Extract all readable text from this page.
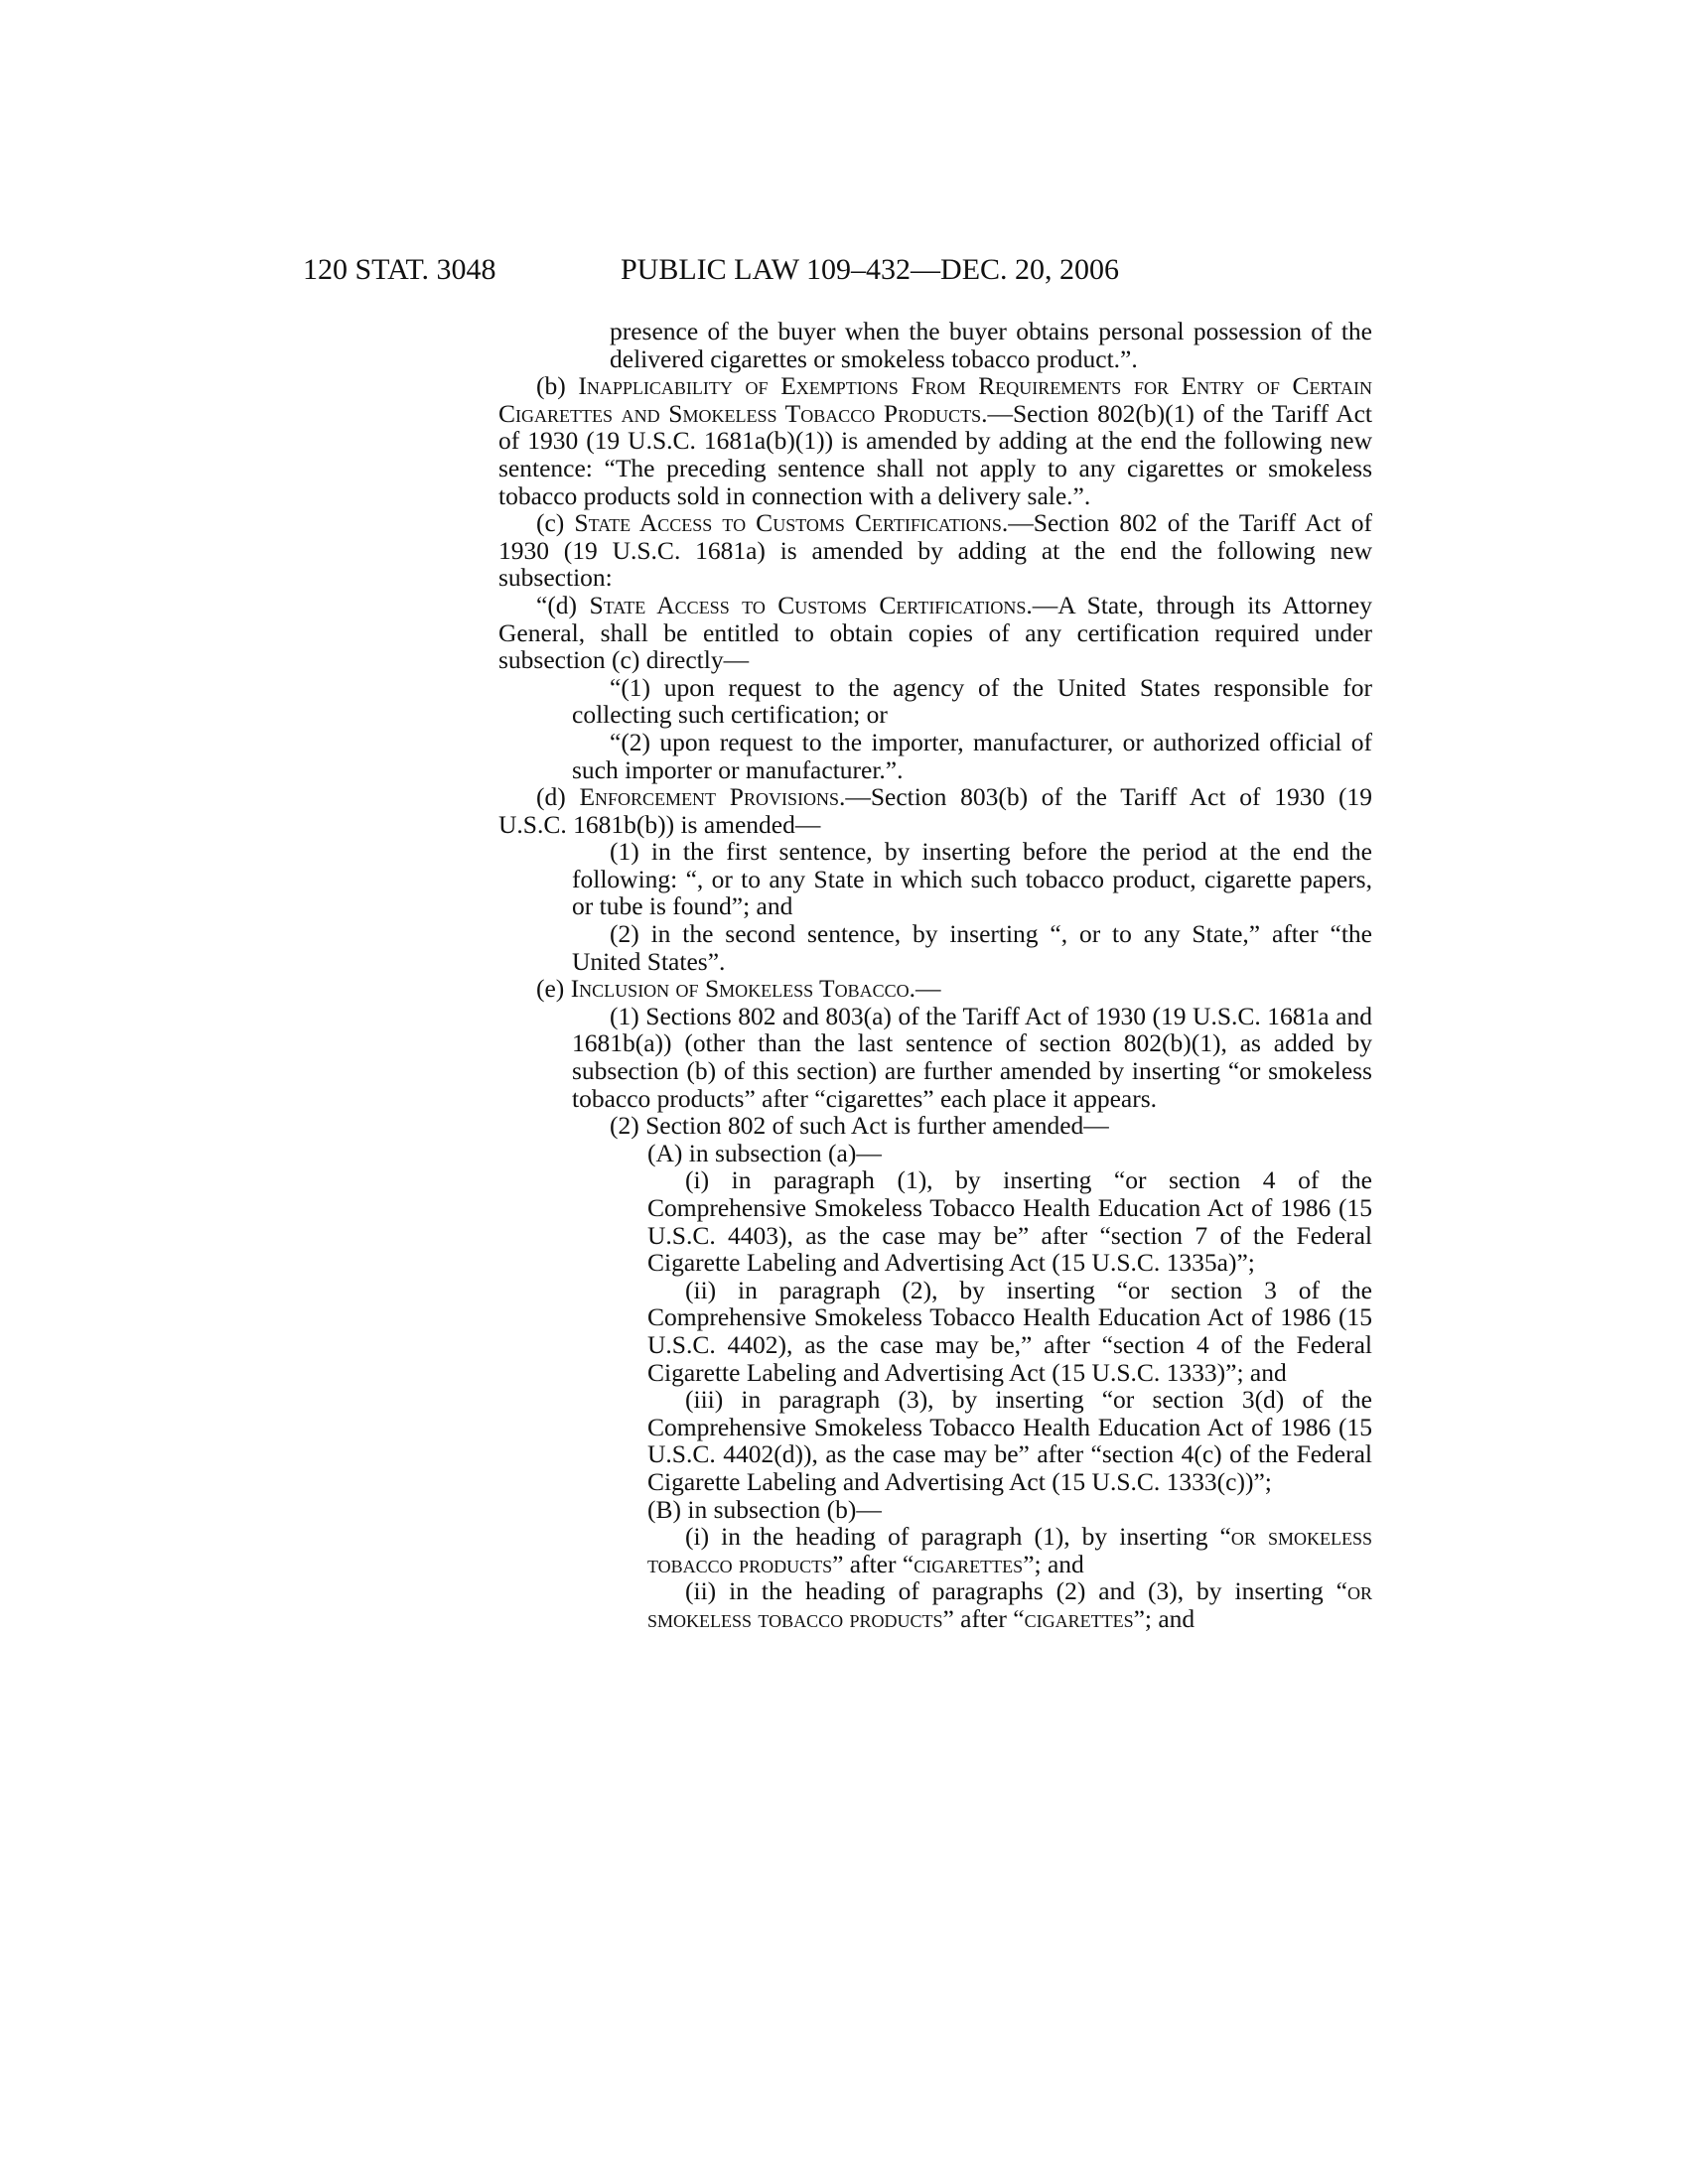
120 STAT. 3048	PUBLIC LAW 109–432—DEC. 20, 2006

presence of the buyer when the buyer obtains personal possession of the delivered cigarettes or smokeless tobacco product.”.

(b) Inapplicability of Exemptions From Requirements for Entry of Certain Cigarettes and Smokeless Tobacco Products.—Section 802(b)(1) of the Tariff Act of 1930 (19 U.S.C. 1681a(b)(1)) is amended by adding at the end the following new sentence: “The preceding sentence shall not apply to any cigarettes or smokeless tobacco products sold in connection with a delivery sale.”.

(c) State Access to Customs Certifications.—Section 802 of the Tariff Act of 1930 (19 U.S.C. 1681a) is amended by adding at the end the following new subsection:

“(d) State Access to Customs Certifications.—A State, through its Attorney General, shall be entitled to obtain copies of any certification required under subsection (c) directly—

“(1) upon request to the agency of the United States responsible for collecting such certification; or

“(2) upon request to the importer, manufacturer, or authorized official of such importer or manufacturer.”.

(d) Enforcement Provisions.—Section 803(b) of the Tariff Act of 1930 (19 U.S.C. 1681b(b)) is amended—

(1) in the first sentence, by inserting before the period at the end the following: “, or to any State in which such tobacco product, cigarette papers, or tube is found”; and

(2) in the second sentence, by inserting “, or to any State,” after “the United States”.

(e) Inclusion of Smokeless Tobacco.—

(1) Sections 802 and 803(a) of the Tariff Act of 1930 (19 U.S.C. 1681a and 1681b(a)) (other than the last sentence of section 802(b)(1), as added by subsection (b) of this section) are further amended by inserting “or smokeless tobacco products” after “cigarettes” each place it appears.

(2) Section 802 of such Act is further amended—

(A) in subsection (a)—

(i) in paragraph (1), by inserting “or section 4 of the Comprehensive Smokeless Tobacco Health Education Act of 1986 (15 U.S.C. 4403), as the case may be” after “section 7 of the Federal Cigarette Labeling and Advertising Act (15 U.S.C. 1335a)”;

(ii) in paragraph (2), by inserting “or section 3 of the Comprehensive Smokeless Tobacco Health Education Act of 1986 (15 U.S.C. 4402), as the case may be,” after “section 4 of the Federal Cigarette Labeling and Advertising Act (15 U.S.C. 1333)”; and

(iii) in paragraph (3), by inserting “or section 3(d) of the Comprehensive Smokeless Tobacco Health Education Act of 1986 (15 U.S.C. 4402(d)), as the case may be” after “section 4(c) of the Federal Cigarette Labeling and Advertising Act (15 U.S.C. 1333(c))”;

(B) in subsection (b)—

(i) in the heading of paragraph (1), by inserting “or smokeless tobacco products” after “cigarettes”; and

(ii) in the heading of paragraphs (2) and (3), by inserting “or smokeless tobacco products” after “cigarettes”; and
